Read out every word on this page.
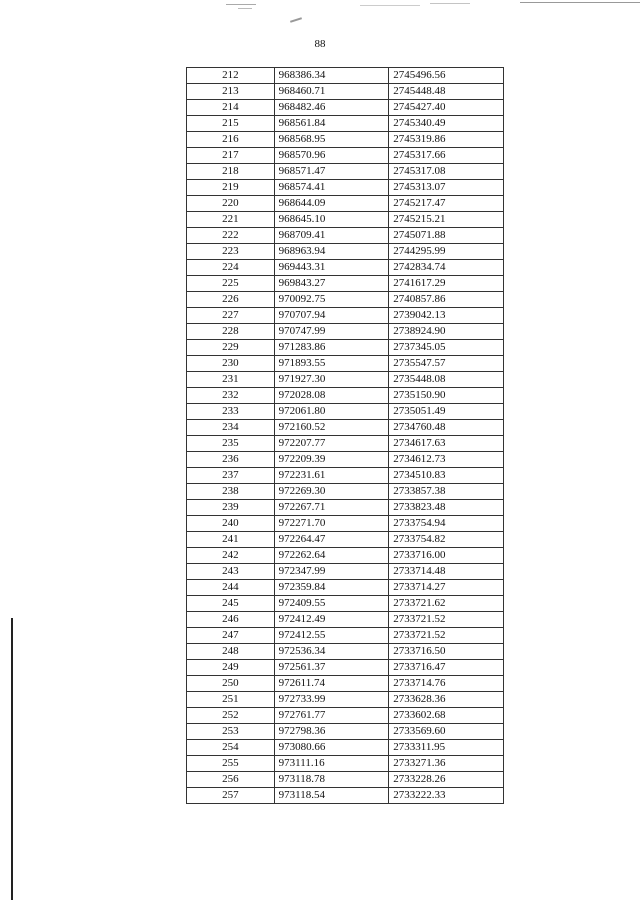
88
212	968386.34	2745496.56
213	968460.71	2745448.48
214	968482.46	2745427.40
215	968561.84	2745340.49
216	968568.95	2745319.86
217	968570.96	2745317.66
218	968571.47	2745317.08
219	968574.41	2745313.07
220	968644.09	2745217.47
221	968645.10	2745215.21
222	968709.41	2745071.88
223	968963.94	2744295.99
224	969443.31	2742834.74
225	969843.27	2741617.29
226	970092.75	2740857.86
227	970707.94	2739042.13
228	970747.99	2738924.90
229	971283.86	2737345.05
230	971893.55	2735547.57
231	971927.30	2735448.08
232	972028.08	2735150.90
233	972061.80	2735051.49
234	972160.52	2734760.48
235	972207.77	2734617.63
236	972209.39	2734612.73
237	972231.61	2734510.83
238	972269.30	2733857.38
239	972267.71	2733823.48
240	972271.70	2733754.94
241	972264.47	2733754.82
242	972262.64	2733716.00
243	972347.99	2733714.48
244	972359.84	2733714.27
245	972409.55	2733721.62
246	972412.49	2733721.52
247	972412.55	2733721.52
248	972536.34	2733716.50
249	972561.37	2733716.47
250	972611.74	2733714.76
251	972733.99	2733628.36
252	972761.77	2733602.68
253	972798.36	2733569.60
254	973080.66	2733311.95
255	973111.16	2733271.36
256	973118.78	2733228.26
257	973118.54	2733222.33
